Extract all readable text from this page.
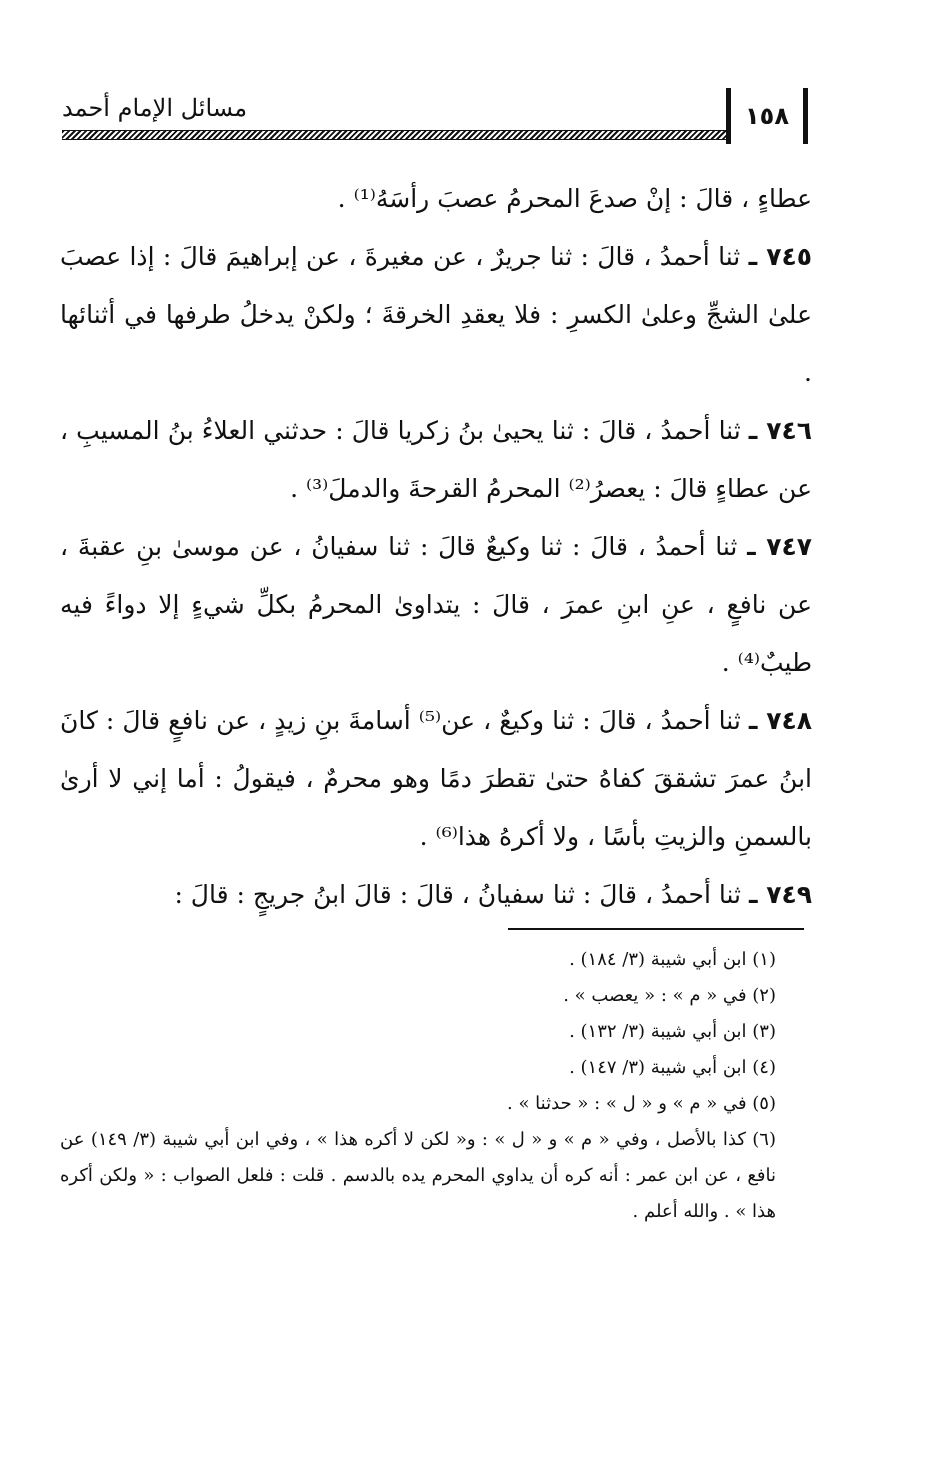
١٥٨
مسائل الإمام أحمد

عطاءٍ ، قالَ : إنْ صدعَ المحرمُ عصبَ رأسَهُ⁽¹⁾ .

٧٤٥ ـ ثنا أحمدُ ، قالَ : ثنا جريرٌ ، عن مغيرةَ ، عن إبراهيمَ قالَ : إذا عصبَ علىٰ الشجِّ وعلىٰ الكسرِ : فلا يعقدِ الخرقةَ ؛ ولكنْ يدخلُ طرفها في أثنائها .

٧٤٦ ـ ثنا أحمدُ ، قالَ : ثنا يحيىٰ بنُ زكريا قالَ : حدثني العلاءُ بنُ المسيبِ ، عن عطاءٍ قالَ : يعصرُ⁽²⁾ المحرمُ القرحةَ والدملَ⁽³⁾ .

٧٤٧ ـ ثنا أحمدُ ، قالَ : ثنا وكيعٌ قالَ : ثنا سفيانُ ، عن موسىٰ بنِ عقبةَ ، عن نافعٍ ، عنِ ابنِ عمرَ ، قالَ : يتداوىٰ المحرمُ بكلِّ شيءٍ إلا دواءً فيه طيبٌ⁽⁴⁾ .

٧٤٨ ـ ثنا أحمدُ ، قالَ : ثنا وكيعٌ ، عن⁽⁵⁾ أسامةَ بنِ زيدٍ ، عن نافعٍ قالَ : كانَ ابنُ عمرَ تشققَ كفاهُ حتىٰ تقطرَ دمًا وهو محرمٌ ، فيقولُ : أما إني لا أرىٰ بالسمنِ والزيتِ بأسًا ، ولا أكرهُ هذا⁽⁶⁾ .

٧٤٩ ـ ثنا أحمدُ ، قالَ : ثنا سفيانُ ، قالَ : قالَ ابنُ جريجٍ : قالَ :

(١) ابن أبي شيبة (٣/ ١٨٤) .

(٢) في « م » : « يعصب » .

(٣) ابن أبي شيبة (٣/ ١٣٢) .

(٤) ابن أبي شيبة (٣/ ١٤٧) .

(٥) في « م » و « ل » : « حدثنا » .

(٦) كذا بالأصل ، وفي « م » و « ل » : و« لكن لا أكره هذا » ، وفي ابن أبي شيبة (٣/ ١٤٩) عن نافع ، عن ابن عمر : أنه كره أن يداوي المحرم يده بالدسم . قلت : فلعل الصواب : « ولكن أكره هذا » . والله أعلم .
